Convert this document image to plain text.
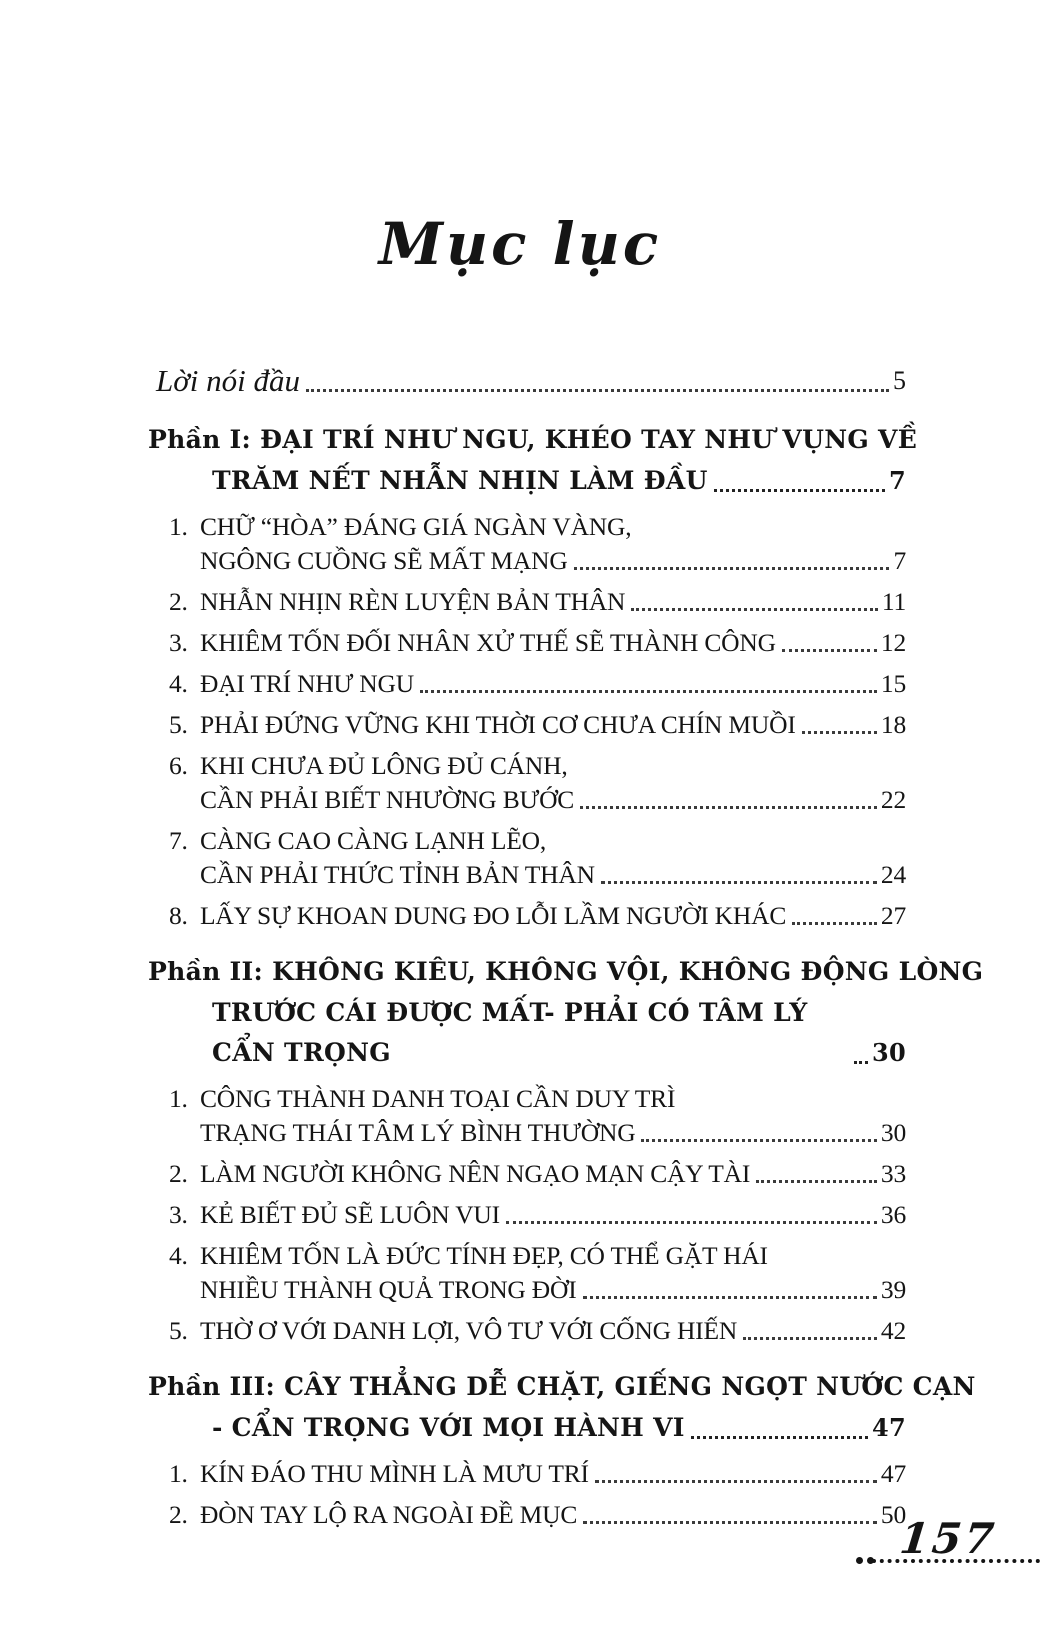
Mục lục
Lời nói đầu	5
Phần I: ĐẠI TRÍ NHƯ NGU, KHÉO TAY NHƯ VỤNG VỀ
TRĂM NẾT NHẪN NHỊN LÀM ĐẦU	7
1. CHỮ “HÒA” ĐÁNG GIÁ NGÀN VÀNG,
NGÔNG CUỒNG SẼ MẤT MẠNG	7
2. NHẪN NHỊN RÈN LUYỆN BẢN THÂN	11
3. KHIÊM TỐN ĐỐI NHÂN XỬ THẾ SẼ THÀNH CÔNG	12
4. ĐẠI TRÍ NHƯ NGU	15
5. PHẢI ĐỨNG VỮNG KHI THỜI CƠ CHƯA CHÍN MUỒI	18
6. KHI CHƯA ĐỦ LÔNG ĐỦ CÁNH,
CẦN PHẢI BIẾT NHƯỜNG BƯỚC	22
7. CÀNG CAO CÀNG LẠNH LẼO,
CẦN PHẢI THỨC TỈNH BẢN THÂN	24
8. LẤY SỰ KHOAN DUNG ĐO LỖI LẦM NGƯỜI KHÁC	27
Phần II: KHÔNG KIÊU, KHÔNG VỘI, KHÔNG ĐỘNG LÒNG
TRƯỚC CÁI ĐƯỢC MẤT- PHẢI CÓ TÂM LÝ CẨN TRỌNG	30
1. CÔNG THÀNH DANH TOẠI CẦN DUY TRÌ
TRẠNG THÁI TÂM LÝ BÌNH THƯỜNG	30
2. LÀM NGƯỜI KHÔNG NÊN NGẠO MẠN CẬY TÀI	33
3. KẺ BIẾT ĐỦ SẼ LUÔN VUI	36
4. KHIÊM TỐN LÀ ĐỨC TÍNH ĐẸP, CÓ THỂ GẶT HÁI
NHIỀU THÀNH QUẢ TRONG ĐỜI	39
5. THỜ Ơ VỚI DANH LỢI, VÔ TƯ VỚI CỐNG HIẾN	42
Phần III: CÂY THẲNG DỄ CHẶT, GIẾNG NGỌT NƯỚC CẠN
- CẨN TRỌNG VỚI MỌI HÀNH VI	47
1. KÍN ĐÁO THU MÌNH LÀ MƯU TRÍ	47
2. ĐÒN TAY LỘ RA NGOÀI ĐỀ MỤC	50
157
